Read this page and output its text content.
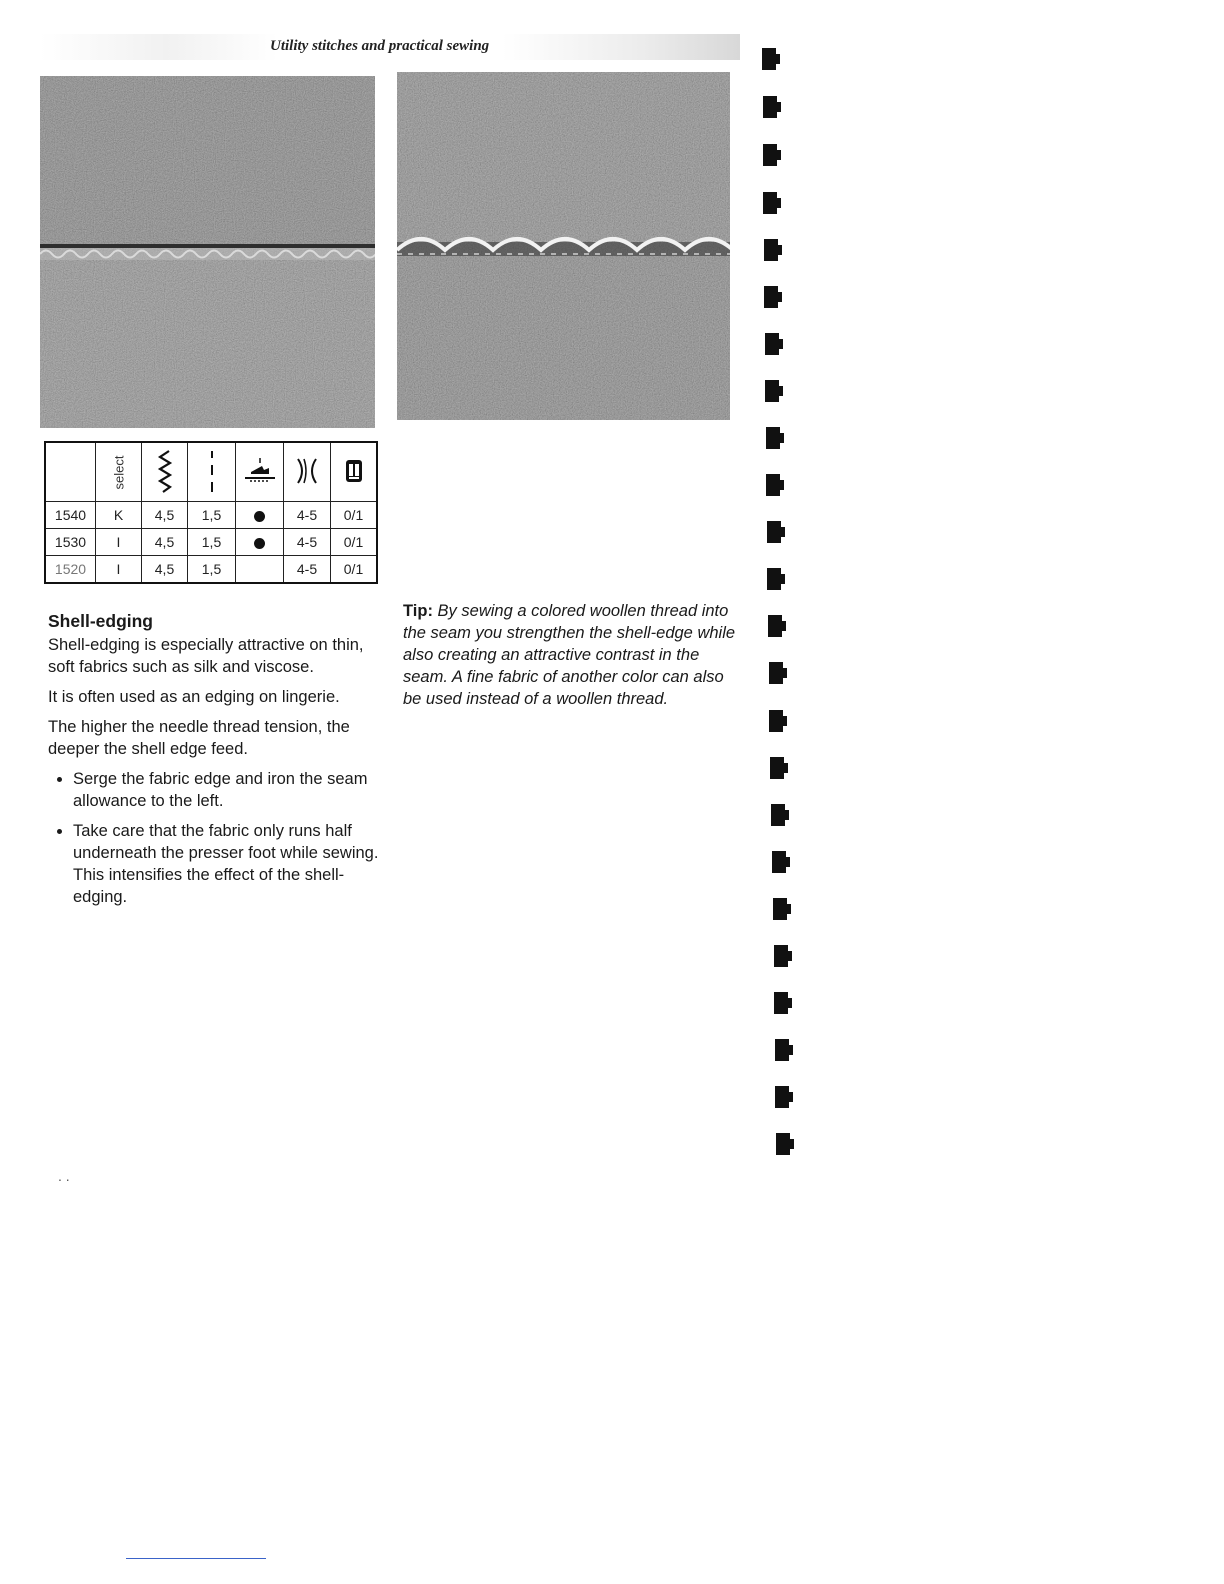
Utility stitches and practical sewing
	select					
1540	K	4,5	1,5		4-5	0/1
1530	I	4,5	1,5		4-5	0/1
1520	I	4,5	1,5		4-5	0/1
Shell-edging

Shell-edging is especially attractive on thin, soft fabrics such as silk and viscose.

It is often used as an edging on lingerie.

The higher the needle thread tension, the deeper the shell edge feed.

• Serge the fabric edge and iron the seam allowance to the left.
• Take care that the fabric only runs half underneath the presser foot while sewing. This intensifies the effect of the shell-edging.
Tip: By sewing a colored woollen thread into the seam you strengthen the shell-edge while also creating an attractive contrast in the seam. A fine fabric of another color can also be used instead of a woollen thread.
. .
